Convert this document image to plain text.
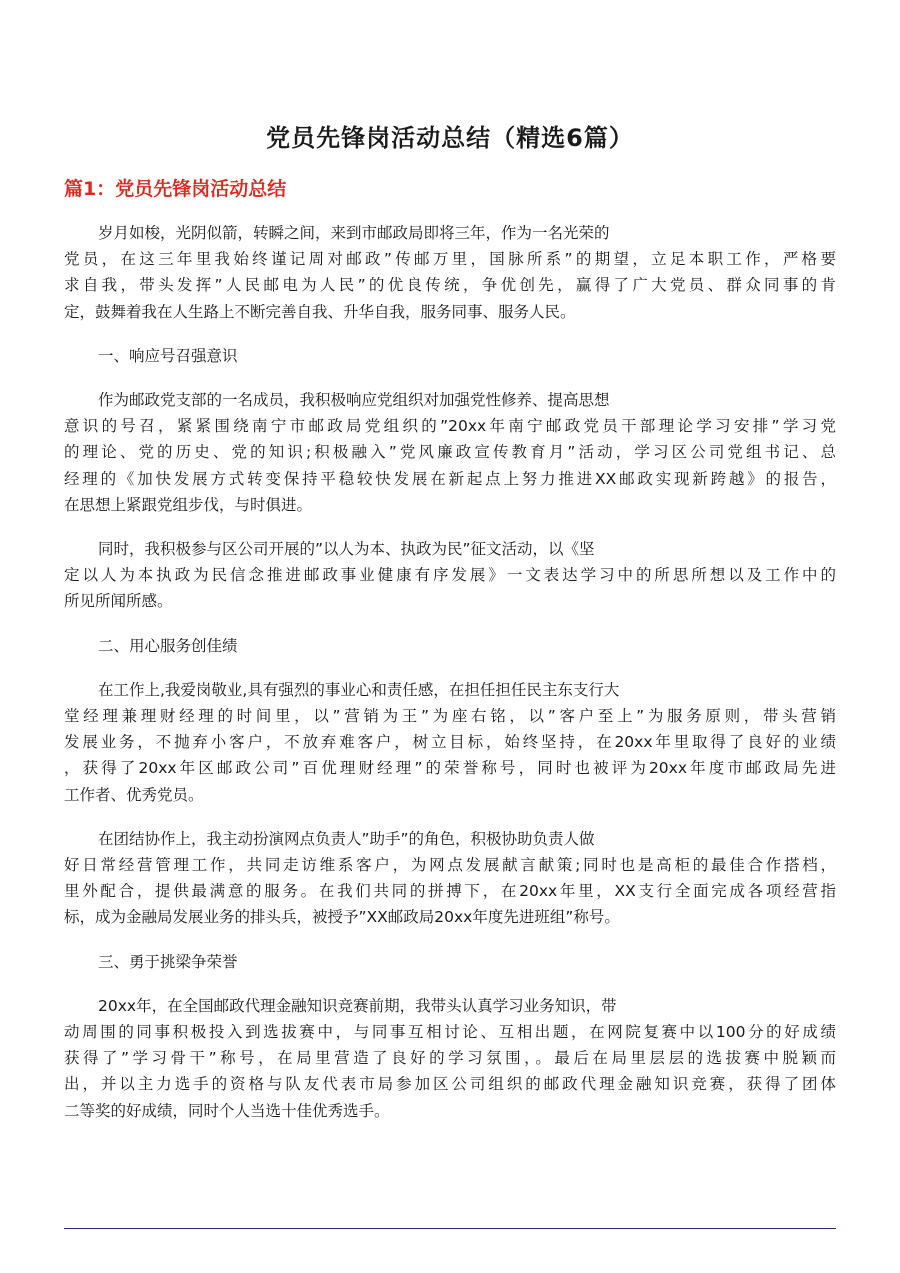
党员先锋岗活动总结（精选6篇）
篇1：党员先锋岗活动总结
岁月如梭，光阴似箭，转瞬之间，来到市邮政局即将三年，作为一名光荣的
党员，在这三年里我始终谨记周对邮政”传邮万里，国脉所系”的期望，立足本职工作，严格要
求自我，带头发挥”人民邮电为人民”的优良传统，争优创先，赢得了广大党员、群众同事的肯
定，鼓舞着我在人生路上不断完善自我、升华自我，服务同事、服务人民。
一、响应号召强意识
作为邮政党支部的一名成员，我积极响应党组织对加强党性修养、提高思想
意识的号召，紧紧围绕南宁市邮政局党组织的”20xx年南宁邮政党员干部理论学习安排”学习党
的理论、党的历史、党的知识;积极融入”党风廉政宣传教育月”活动，学习区公司党组书记、总
经理的《加快发展方式转变保持平稳较快发展在新起点上努力推进XX邮政实现新跨越》的报告，
在思想上紧跟党组步伐，与时俱进。
同时，我积极参与区公司开展的”以人为本、执政为民”征文活动，以《坚
定以人为本执政为民信念推进邮政事业健康有序发展》一文表达学习中的所思所想以及工作中的
所见所闻所感。
二、用心服务创佳绩
在工作上,我爱岗敬业,具有强烈的事业心和责任感，在担任担任民主东支行大
堂经理兼理财经理的时间里，以”营销为王”为座右铭，以”客户至上”为服务原则，带头营销
发展业务，不抛弃小客户，不放弃难客户，树立目标，始终坚持，在20xx年里取得了良好的业绩
，获得了20xx年区邮政公司”百优理财经理”的荣誉称号，同时也被评为20xx年度市邮政局先进
工作者、优秀党员。
在团结协作上，我主动扮演网点负责人”助手”的角色，积极协助负责人做
好日常经营管理工作，共同走访维系客户，为网点发展献言献策;同时也是高柜的最佳合作搭档，
里外配合，提供最满意的服务。在我们共同的拼搏下，在20xx年里，XX支行全面完成各项经营指
标，成为金融局发展业务的排头兵，被授予”XX邮政局20xx年度先进班组”称号。
三、勇于挑梁争荣誉
20xx年，在全国邮政代理金融知识竞赛前期，我带头认真学习业务知识，带
动周围的同事积极投入到选拔赛中，与同事互相讨论、互相出题，在网院复赛中以100分的好成绩
获得了”学习骨干”称号，在局里营造了良好的学习氛围，。最后在局里层层的选拔赛中脱颖而
出，并以主力选手的资格与队友代表市局参加区公司组织的邮政代理金融知识竞赛，获得了团体
二等奖的好成绩，同时个人当选十佳优秀选手。
